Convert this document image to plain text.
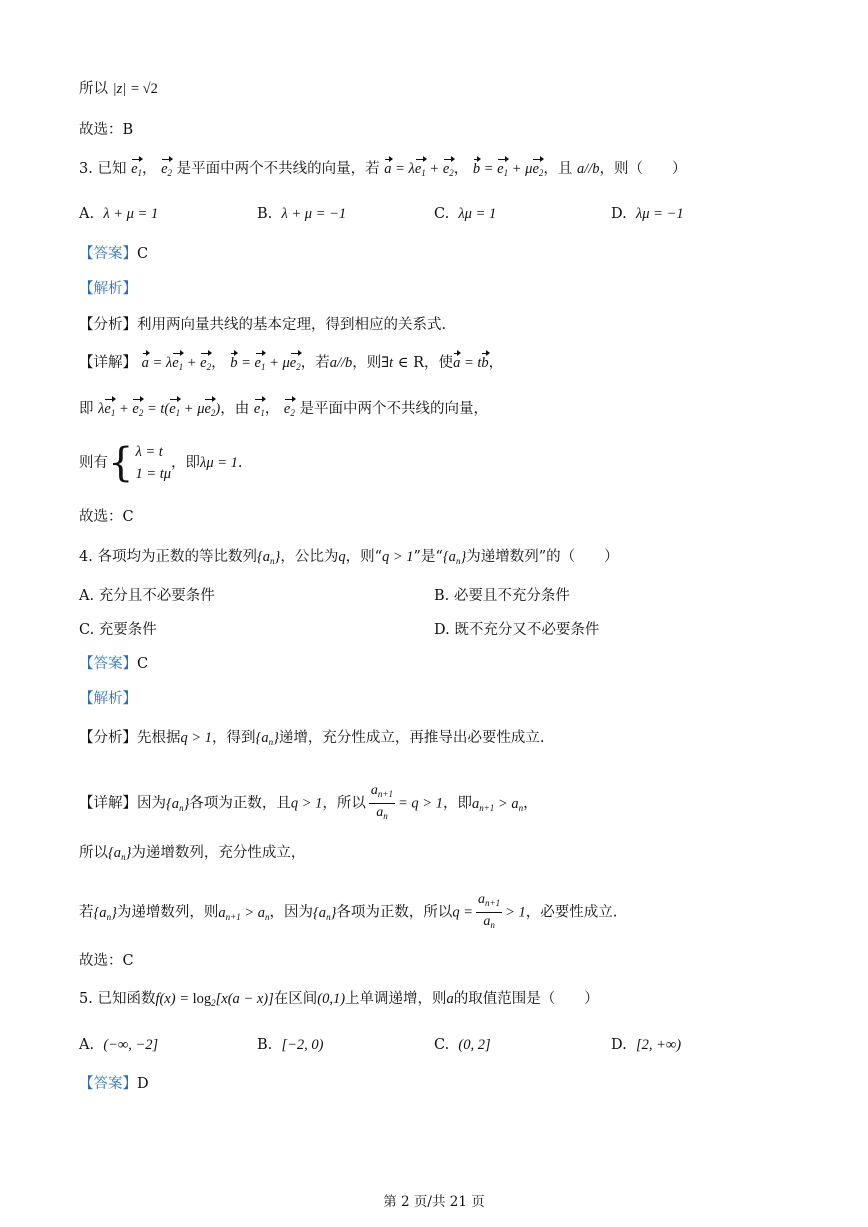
所以 |z| = √2
故选：B
3. 已知 $e_1$， $e_2$ 是平面中两个不共线的向量，若 $a = \lambda e_1 + e_2$， $b = e_1 + \mu e_2$，且 a//b，则（　　）
A. λ + μ = 1	B. λ + μ = −1	C. λμ = 1	D. λμ = −1
【答案】C
【解析】
【分析】利用两向量共线的基本定理，得到相应的关系式.
【详解】 $a = \lambda e_1 + e_2$， $b = e_1 + \mu e_2$，若a//b，则∃t ∈ R，使a = tb，
即 $\lambda e_1 + e_2 = t(e_1 + \mu e_2)$，由 $e_1$， $e_2$ 是平面中两个不共线的向量，
则有{ λ = t
1 = tμ
，即λμ = 1.
故选：C
4. 各项均为正数的等比数列$\{a_n\}$，公比为q，则“q > 1”是“$\{a_n\}$为递增数列”的（　　）
A. 充分且不必要条件	B. 必要且不充分条件
C. 充要条件	D. 既不充分又不必要条件
【答案】C
【解析】
【分析】先根据q > 1，得到$\{a_n\}$递增，充分性成立，再推导出必要性成立.
【详解】因为$\{a_n\}$各项为正数，且q > 1，所以 $\frac{a_{n+1}}{a_n} = q > 1$，即$a_{n+1} > a_n$，
所以$\{a_n\}$为递增数列，充分性成立，
若$\{a_n\}$为递增数列，则$a_{n+1} > a_n$，因为$\{a_n\}$各项为正数，所以$q = \frac{a_{n+1}}{a_n} > 1$，必要性成立.
故选：C
5. 已知函数$f(x) = \log_2[x(a - x)]$在区间(0,1)上单调递增，则a的取值范围是（　　）
A. (−∞, −2]	B. [−2, 0)	C. (0, 2]	D. [2, +∞)
【答案】D
第 2 页/共 21 页
